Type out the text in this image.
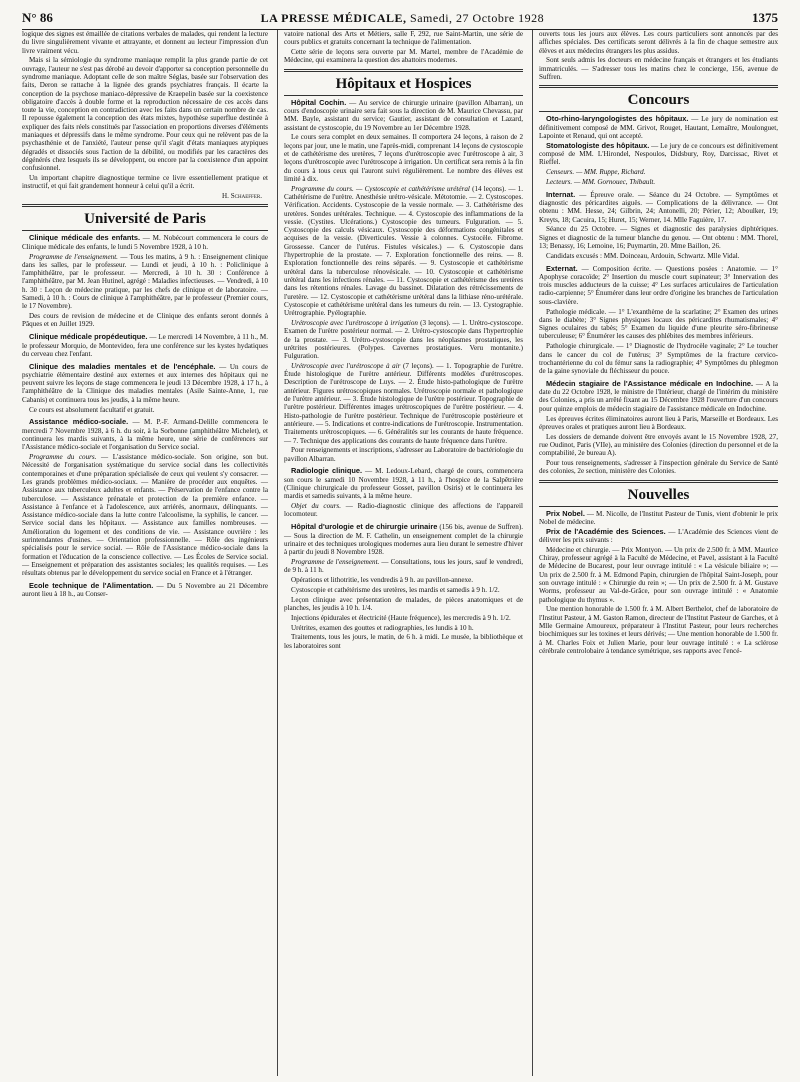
N° 86	LA PRESSE MÉDICALE, Samedi, 27 Octobre 1928	1375

logique des signes est émaillée de citations verbales de malades, qui rendent la lecture du livre singulièrement vivante et attrayante, et donnent au lecteur l'impression d'un livre vraiment vécu.

Mais si la sémiologie du syndrome maniaque remplit la plus grande partie de cet ouvrage, l'auteur ne s'est pas dérobé au devoir d'apporter sa conception personnelle du syndrome maniaque. Adoptant celle de son maître Séglas, basée sur l'observation des faits, Deron se rattache à la lignée des grands psychiatres français. Il écarte la conception de la psychose maniaco-dépressive de Kraepelin basée sur la coexistence obligatoire d'accès à double forme et la reproduction nécessaire de ces accès dans toute la vie, conception en contradiction avec les faits dans un certain nombre de cas. Il repousse également la conception des états mixtes, hypothèse superflue destinée à expliquer des faits réels constitués par l'association en proportions diverses d'éléments maniaques et dépressifs dans le même syndrome. Pour ceux qui ne relèvent pas de la psychasthénie et de l'anxiété, l'auteur pense qu'il s'agit d'états maniaques atypiques dégradés et dissociés sous l'action de la débilité, ou modifiés par les caractères des dégénérés chez lesquels ils se développent, ou encore par la coexistence d'un appoint confusionnel.

Un important chapitre diagnostique termine ce livre essentiellement pratique et instructif, et qui fait grandement honneur à celui qu'il a écrit.

H. Schaeffer.
Université de Paris

Clinique médicale des enfants. — M. Nobécourt commencera le cours de Clinique médicale des enfants, le lundi 5 Novembre 1928, à 10 h.

Programme de l'enseignement. — Tous les matins, à 9 h. : Enseignement clinique dans les salles, par le professeur. — Lundi et jeudi, à 10 h. : Policlinique à l'amphithéâtre, par le professeur. — Mercredi, à 10 h. 30 : Conférence à l'amphithéâtre, par M. Jean Hutinel, agrégé : Maladies infectieuses. — Vendredi, à 10 h. 30 : Leçon de médecine pratique, par les chefs de clinique et de laboratoire. — Samedi, à 10 h. : Cours de clinique à l'amphithéâtre, par le professeur (Premier cours, le 17 Novembre).

Des cours de revision de médecine et de Clinique des enfants seront donnés à Pâques et en Juillet 1929.

Clinique médicale propédeutique. — Le mercredi 14 Novembre, à 11 h., M. le professeur Morquio, de Montevideo, fera une conférence sur les kystes hydatiques du cerveau chez l'enfant.

Clinique des maladies mentales et de l'encéphale. — Un cours de psychiatrie élémentaire destiné aux externes et aux internes des hôpitaux qui ne peuvent suivre les leçons de stage commencera le jeudi 13 Décembre 1928, à 17 h., à l'amphithéâtre de la Clinique des maladies mentales (Asile Sainte-Anne, 1, rue Cabanis) et continuera tous les jeudis, à la même heure.

Ce cours est absolument facultatif et gratuit.

Assistance médico-sociale. — M. P.-F. Armand-Delille commencera le mercredi 7 Novembre 1928, à 6 h. du soir, à la Sorbonne (amphithéâtre Michelet), et continuera les mardis suivants, à la même heure, une série de conférences sur l'Assistance médico-sociale et l'organisation du Service social.

Programme du cours. — L'assistance médico-sociale. Son origine, son but. Nécessité de l'organisation systématique du service social dans les collectivités contemporaines et d'une préparation spécialisée de ceux qui veulent s'y consacrer. — Les grands problèmes médico-sociaux. — Manière de procéder aux enquêtes. — Assistance aux tuberculeux adultes et enfants. — Préservation de l'enfance contre la tuberculose. — Assistance prénatale et protection de la première enfance. — Assistance à l'enfance et à l'adolescence, aux arriérés, anormaux, délinquants. — Assistance médico-sociale dans la lutte contre l'alcoolisme, la syphilis, le cancer. — Service social dans les hôpitaux. — Assistance aux familles nombreuses. — Amélioration du logement et des conditions de vie. — Assistance ouvrière : les surintendantes d'usines. — Orientation professionnelle. — Rôle des ingénieurs spécialisés pour le service social. — Rôle de l'Assistance médico-sociale dans la formation et l'éducation de la conscience collective. — Les Écoles de Service social. — Enseignement et préparation des assistantes sociales; les qualités requises. — Les résultats obtenus par le développement du service social en France et à l'étranger.

Ecole technique de l'Alimentation. — Du 5 Novembre au 21 Décembre auront lieu à 18 h., au Conser-

vatoire national des Arts et Métiers, salle F, 292, rue Saint-Martin, une série de cours publics et gratuits concernant la technique de l'alimentation.

Cette série de leçons sera ouverte par M. Martel, membre de l'Académie de Médecine, qui examinera la question des abattoirs modernes.

Hôpitaux et Hospices

Hôpital Cochin. — Au service de chirurgie urinaire (pavillon Albarran), un cours d'endoscopie urinaire sera fait sous la direction de M. Maurice Chevassu, par MM. Bayle, assistant du service; Gautier, assistant de consultation et Lazard, assistant de cystoscopie, du 19 Novembre au 1er Décembre 1928.

Le cours sera complet en deux semaines. Il comportera 24 leçons, à raison de 2 leçons par jour, une le matin, une l'après-midi, comprenant 14 leçons de cystoscopie et de cathétérisme des uretères, 7 leçons d'urétroscopie avec l'urétroscope à air, 3 leçons d'urétroscopie avec l'urétroscope à irrigation. Un certificat sera remis à la fin du cours à tous ceux qui l'auront suivi régulièrement. Le nombre des élèves est limité à dix.

Programme du cours. — Cystoscopie et cathétérisme urétéral (14 leçons). — 1. Cathétérisme de l'urètre. Anesthésie urétro-vésicale. Métotomie. — 2. Cystoscopes. Vérification. Accidents. Cystoscopie de la vessie normale. — 3. Cathétérisme des uretères. Sondes urétérales. Technique. — 4. Cystoscopie des inflammations de la vessie. (Cystites. Ulcérations.) Cystoscopie des tumeurs. Fulguration. — 5. Cystoscopie des calculs vésicaux. Cystoscopie des déformations congénitales et acquises de la vessie. (Diverticules. Vessie à colonnes. Cystocèle. Fibrome. Grossesse. Cancer de l'utérus. Fistules vésicales.) — 6. Cystoscopie dans l'hypertrophie de la prostate. — 7. Exploration fonctionnelle des reins. — 8. Exploration fonctionnelle des reins séparés. — 9. Cystoscopie et cathétérisme urétéral dans la tuberculose rénovésicale. — 10. Cystoscopie et cathétérisme urétéral dans les infections rénales. — 11. Cystoscopie et cathétérisme des uretères dans les rétentions rénales. Lavage du bassinet. Dilatation des rétrécissements de l'uretère. — 12. Cystoscopie et cathétérisme urétéral dans la lithiase réno-urétérale. Cystoscopie et cathétérisme urétéral dans les tumeurs du rein. — 13. Cystographie. Urétrographie. Pyélographie.

Urétroscopie avec l'urétroscope à irrigation (3 leçons). — 1. Urétro-cystoscope. Examen de l'urètre postérieur normal. — 2. Urétro-cystoscopie dans l'hypertrophie de la prostate. — 3. Urétro-cystoscopie dans les néoplasmes prostatiques, les urétrites postérieures. (Polypes. Cavernes prostatiques. Veru montanite.) Fulguration.

Urétroscopie avec l'urétroscope à air (7 leçons). — 1. Topographie de l'urètre. Étude histologique de l'urètre antérieur. Différents modèles d'urétroscopes. Description de l'urétroscope de Luys. — 2. Étude histo-pathologique de l'urètre antérieur. Figures urétroscopiques normales. Urétroscopie normale et pathologique de l'urètre antérieur. — 3. Étude histologique de l'urètre postérieur. Topographie de l'urètre postérieur. Différentes images urétroscopiques de l'urètre postérieur. — 4. Histo-pathologie de l'urètre postérieur. Technique de l'urétroscopie postérieure et antérieure. — 5. Indications et contre-indications de l'urétroscopie. Instrumentation. Traitements urétroscopiques. — 6. Généralités sur les courants de haute fréquence. — 7. Technique des applications des courants de haute fréquence dans l'urètre.

Pour renseignements et inscriptions, s'adresser au Laboratoire de bactériologie du pavillon Albarran.

Radiologie clinique. — M. Ledoux-Lebard, chargé de cours, commencera son cours le samedi 10 Novembre 1928, à 11 h., à l'hospice de la Salpêtrière (Clinique chirurgicale du professeur Gosset, pavillon Osiris) et le continuera les mardis et samedis suivants, à la même heure.

Objet du cours. — Radio-diagnostic clinique des affections de l'appareil locomoteur.

Hôpital d'urologie et de chirurgie urinaire (156 bis, avenue de Suffren). — Sous la direction de M. F. Cathelin, un enseignement complet de la chirurgie urinaire et des techniques urologiques modernes aura lieu durant le semestre d'hiver à partir du jeudi 8 Novembre 1928.

Programme de l'enseignement. — Consultations, tous les jours, sauf le vendredi, de 9 h. à 11 h.

Opérations et lithotritie, les vendredis à 9 h. au pavillon-annexe.

Cystoscopie et cathétérisme des uretères, les mardis et samedis à 9 h. 1/2.

Leçon clinique avec présentation de malades, de pièces anatomiques et de planches, les jeudis à 10 h. 1/4.

Injections épidurales et électricité (Haute fréquence), les mercredis à 9 h. 1/2.

Urétrites, examen des gouttes et radiographies, les lundis à 10 h.

Traitements, tous les jours, le matin, de 6 h. à midi. Le musée, la bibliothèque et les laboratoires sont

ouverts tous les jours aux élèves. Les cours particuliers sont annoncés par des affiches spéciales. Des certificats seront délivrés à la fin de chaque semestre aux élèves et aux médecins étrangers les plus assidus.

Sont seuls admis les docteurs en médecine français et étrangers et les étudiants immatriculés. — S'adresser tous les matins chez le concierge, 156, avenue de Suffren.

Concours

Oto-rhino-laryngologistes des hôpitaux. — Le jury de nomination est définitivement composé de MM. Grivot, Rouget, Hautant, Lemaître, Moulonguet, Lapointe et Renaud, qui ont accepté.

Stomatologiste des hôpitaux. — Le jury de ce concours est définitivement composé de MM. L'Hirondel, Nespoulos, Didsbury, Roy, Darcissac, Rivet et Rieffel.

Censeurs. — MM. Ruppe, Richard.

Lecteurs. — MM. Gornouec, Thibault.

Internat. — Épreuve orale. — Séance du 24 Octobre. — Symptômes et diagnostic des péricardites aiguës. — Complications de la délivrance. — Ont obtenu : MM. Hesse, 24; Gilbrin, 24; Antonelli, 20; Périer, 12; Aboulker, 19; Kreyts, 18; Cacuira, 15; Huret, 15; Werner, 14. Mlle Faguière, 17.

Séance du 25 Octobre. — Signes et diagnostic des paralysies diphtériques. Signes et diagnostic de la tumeur blanche du genou. — Ont obtenu : MM. Thorel, 13; Benassy, 16; Lemoine, 16; Puymartin, 20. Mme Baillon, 26.

Candidats excusés : MM. Doinceau, Ardouin, Schwartz. Mlle Vidal.

Externat. — Composition écrite. — Questions posées : Anatomie. — 1° Apophyse coracoïde; 2° Insertion du muscle court supinateur; 3° Innervation des trois muscles adducteurs de la cuisse; 4° Les surfaces articulaires de l'articulation radio-carpienne; 5° Énumérer dans leur ordre d'origine les branches de l'articulation sous-clavière.

Pathologie médicale. — 1° L'exanthème de la scarlatine; 2° Examen des urines dans le diabète; 3° Signes physiques locaux des péricardites rhumatismales; 4° Signes oculaires du tabès; 5° Examen du liquide d'une pleurite séro-fibrineuse tuberculeuse; 6° Énumérer les causes des phlébites des membres inférieurs.

Pathologie chirurgicale. — 1° Diagnostic de l'hydrocèle vaginale; 2° Le toucher dans le cancer du col de l'utérus; 3° Symptômes de la fracture cervico-trochantérienne du col du fémur sans la radiographie; 4° Symptômes du phlegmon de la gaine synoviale du fléchisseur du pouce.

Médecin stagiaire de l'Assistance médicale en Indochine. — A la date du 22 Octobre 1928, le ministre de l'Intérieur, chargé de l'intérim du ministère des Colonies, a pris un arrêté fixant au 15 Décembre 1928 l'ouverture d'un concours pour quinze emplois de médecin stagiaire de l'assistance médicale en Indochine.

Les épreuves écrites éliminatoires auront lieu à Paris, Marseille et Bordeaux. Les épreuves orales et pratiques auront lieu à Bordeaux.

Les dossiers de demande doivent être envoyés avant le 15 Novembre 1928, 27, rue Oudinot, Paris (VIIe), au ministère des Colonies (direction du personnel et de la comptabilité, 2e bureau A).

Pour tous renseignements, s'adresser à l'inspection générale du Service de Santé des colonies, 2e section, ministère des Colonies.

Nouvelles

Prix Nobel. — M. Nicolle, de l'Institut Pasteur de Tunis, vient d'obtenir le prix Nobel de médecine.

Prix de l'Académie des Sciences. — L'Académie des Sciences vient de délivrer les prix suivants :

Médecine et chirurgie. — Prix Montyon. — Un prix de 2.500 fr. à MM. Maurice Chiray, professeur agrégé à la Faculté de Médecine, et Pavel, assistant à la Faculté de Médecine de Bucarest, pour leur ouvrage intitulé : « La vésicule biliaire »; — Un prix de 2.500 fr. à M. Edmond Papin, chirurgien de l'hôpital Saint-Joseph, pour son ouvrage intitulé : « Chirurgie du rein »; — Un prix de 2.500 fr. à M. Gustave Worms, professeur au Val-de-Grâce, pour son ouvrage intitulé : « Anatomie pathologique du thymus ».

Une mention honorable de 1.500 fr. à M. Albert Berthelot, chef de laboratoire de l'Institut Pasteur, à M. Gaston Ramon, directeur de l'Institut Pasteur de Garches, et à Mlle Germaine Amoureux, préparateur à l'Institut Pasteur, pour leurs recherches biochimiques sur les toxines et leurs dérivés; — Une mention honorable de 1.500 fr. à M. Charles Foix et Julien Marie, pour leur ouvrage intitulé : « La sclérose cérébrale centrolobaire à tendance symétrique, ses rapports avec l'encé-
